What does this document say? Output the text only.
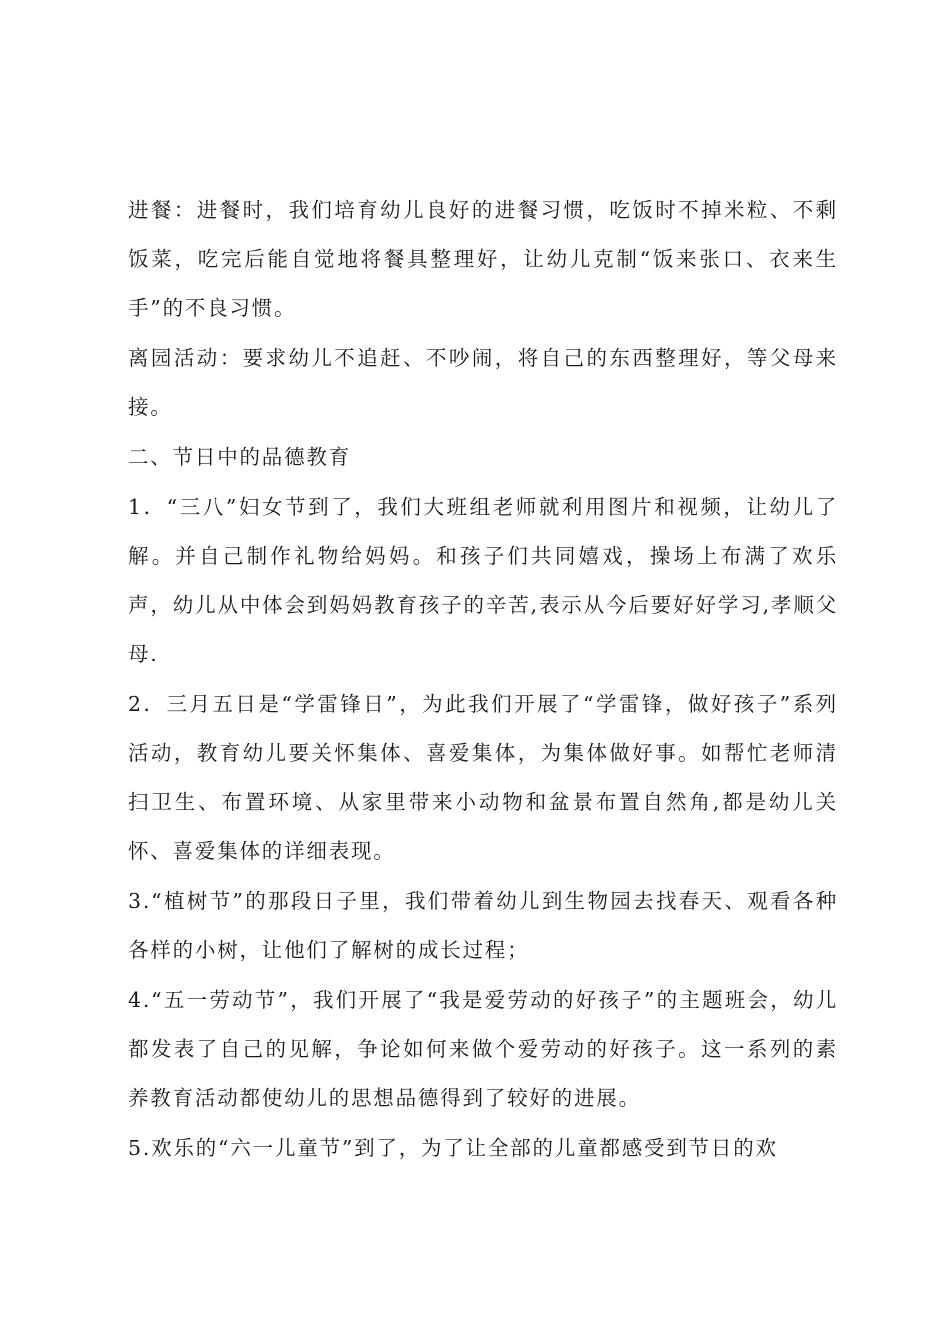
进餐：进餐时，我们培育幼儿良好的进餐习惯，吃饭时不掉米粒、不剩饭菜，吃完后能自觉地将餐具整理好，让幼儿克制“饭来张口、衣来生手”的不良习惯。

离园活动：要求幼儿不追赶、不吵闹，将自己的东西整理好，等父母来接。

二、节日中的品德教育

1．“三八”妇女节到了，我们大班组老师就利用图片和视频，让幼儿了解。并自己制作礼物给妈妈。和孩子们共同嬉戏，操场上布满了欢乐声，幼儿从中体会到妈妈教育孩子的辛苦,表示从今后要好好学习,孝顺父母.

2．三月五日是“学雷锋日”，为此我们开展了“学雷锋，做好孩子”系列活动，教育幼儿要关怀集体、喜爱集体，为集体做好事。如帮忙老师清扫卫生、布置环境、从家里带来小动物和盆景布置自然角,都是幼儿关怀、喜爱集体的详细表现。

3.“植树节”的那段日子里，我们带着幼儿到生物园去找春天、观看各种各样的小树，让他们了解树的成长过程；

4.“五一劳动节”，我们开展了“我是爱劳动的好孩子”的主题班会，幼儿都发表了自己的见解，争论如何来做个爱劳动的好孩子。这一系列的素养教育活动都使幼儿的思想品德得到了较好的进展。

5.欢乐的“六一儿童节”到了，为了让全部的儿童都感受到节日的欢
